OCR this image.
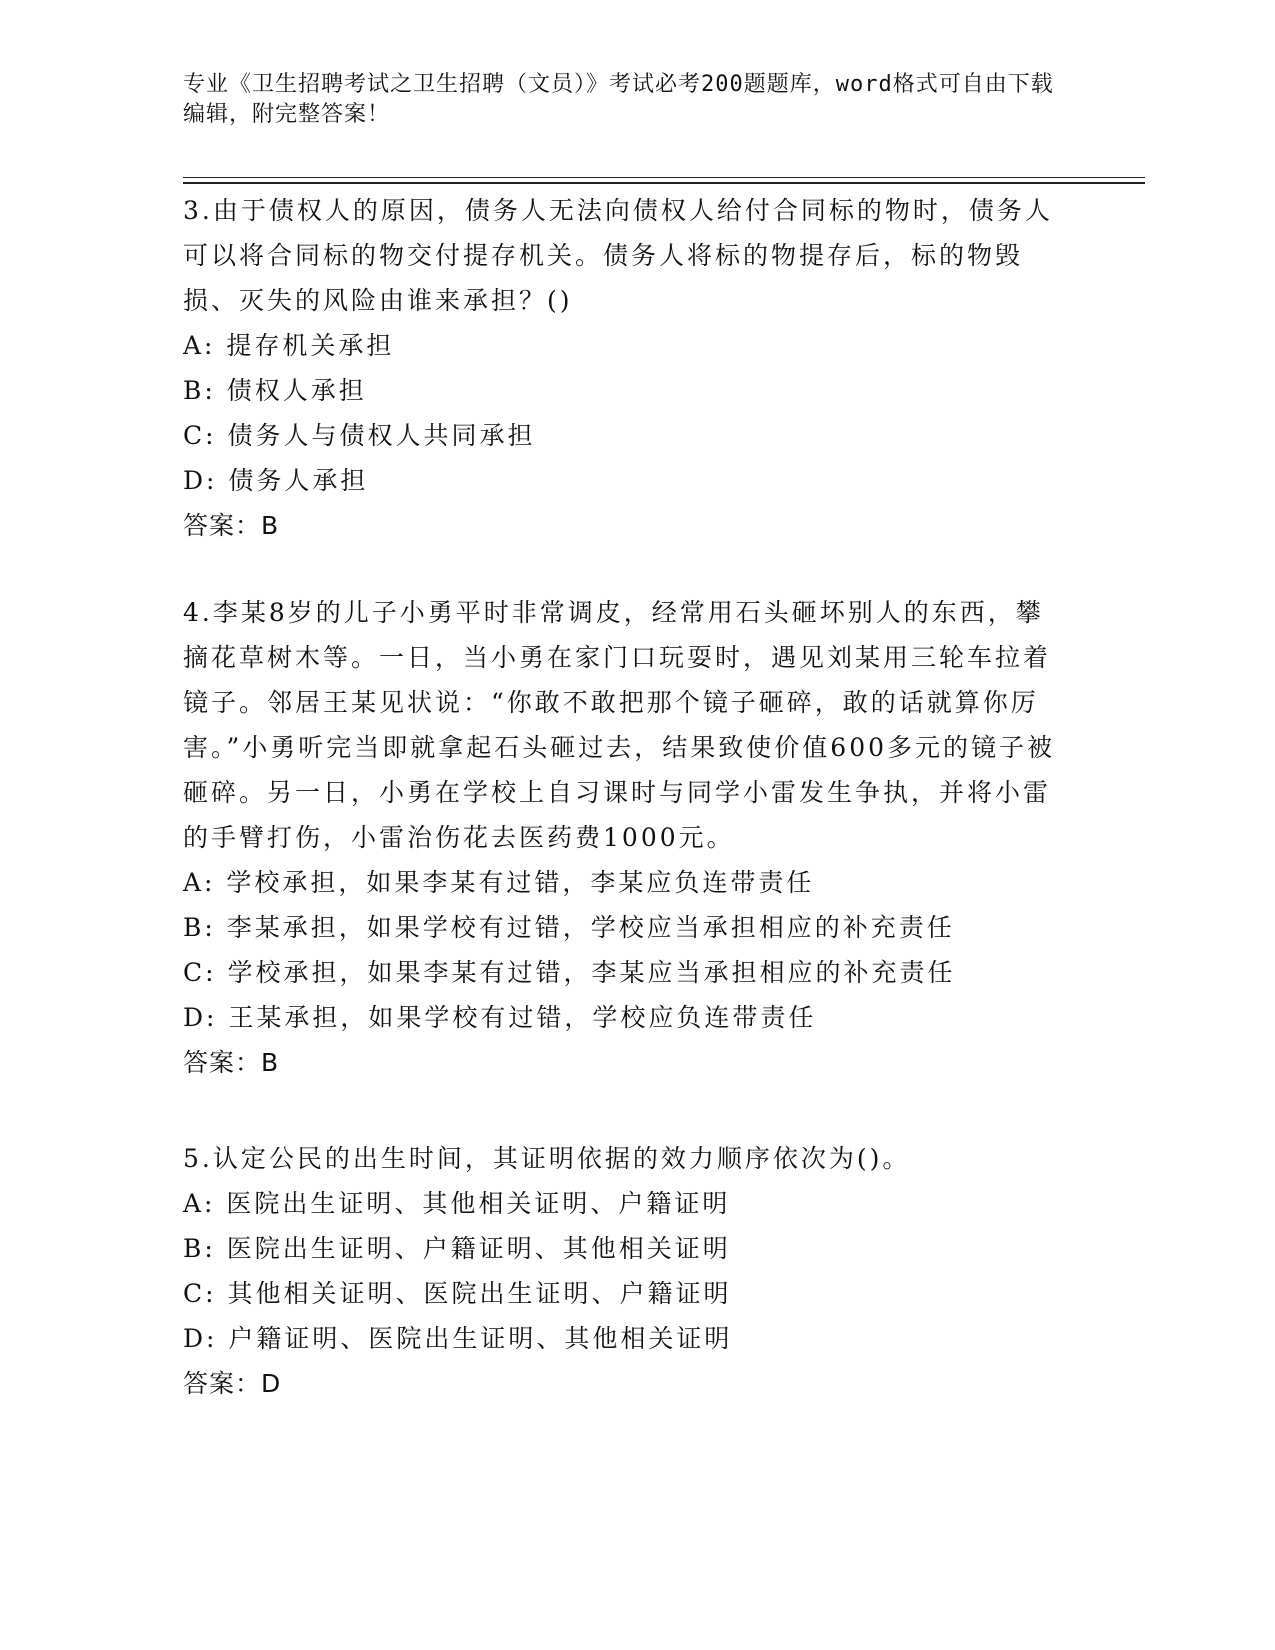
专业《卫生招聘考试之卫生招聘（文员）》考试必考200题题库，word格式可自由下载编辑，附完整答案！

3.由于债权人的原因，债务人无法向债权人给付合同标的物时，债务人可以将合同标的物交付提存机关。债务人将标的物提存后，标的物毁损、灭失的风险由谁来承担？()

A: 提存机关承担

B: 债权人承担

C: 债务人与债权人共同承担

D: 债务人承担

答案：B

4.李某8岁的儿子小勇平时非常调皮，经常用石头砸坏别人的东西，攀摘花草树木等。一日，当小勇在家门口玩耍时，遇见刘某用三轮车拉着镜子。邻居王某见状说：“你敢不敢把那个镜子砸碎，敢的话就算你厉害。”小勇听完当即就拿起石头砸过去，结果致使价值600多元的镜子被砸碎。另一日，小勇在学校上自习课时与同学小雷发生争执，并将小雷的手臂打伤，小雷治伤花去医药费1000元。

A: 学校承担，如果李某有过错，李某应负连带责任

B: 李某承担，如果学校有过错，学校应当承担相应的补充责任

C: 学校承担，如果李某有过错，李某应当承担相应的补充责任

D: 王某承担，如果学校有过错，学校应负连带责任

答案：B

5.认定公民的出生时间，其证明依据的效力顺序依次为()。

A: 医院出生证明、其他相关证明、户籍证明

B: 医院出生证明、户籍证明、其他相关证明

C: 其他相关证明、医院出生证明、户籍证明

D: 户籍证明、医院出生证明、其他相关证明

答案：D
